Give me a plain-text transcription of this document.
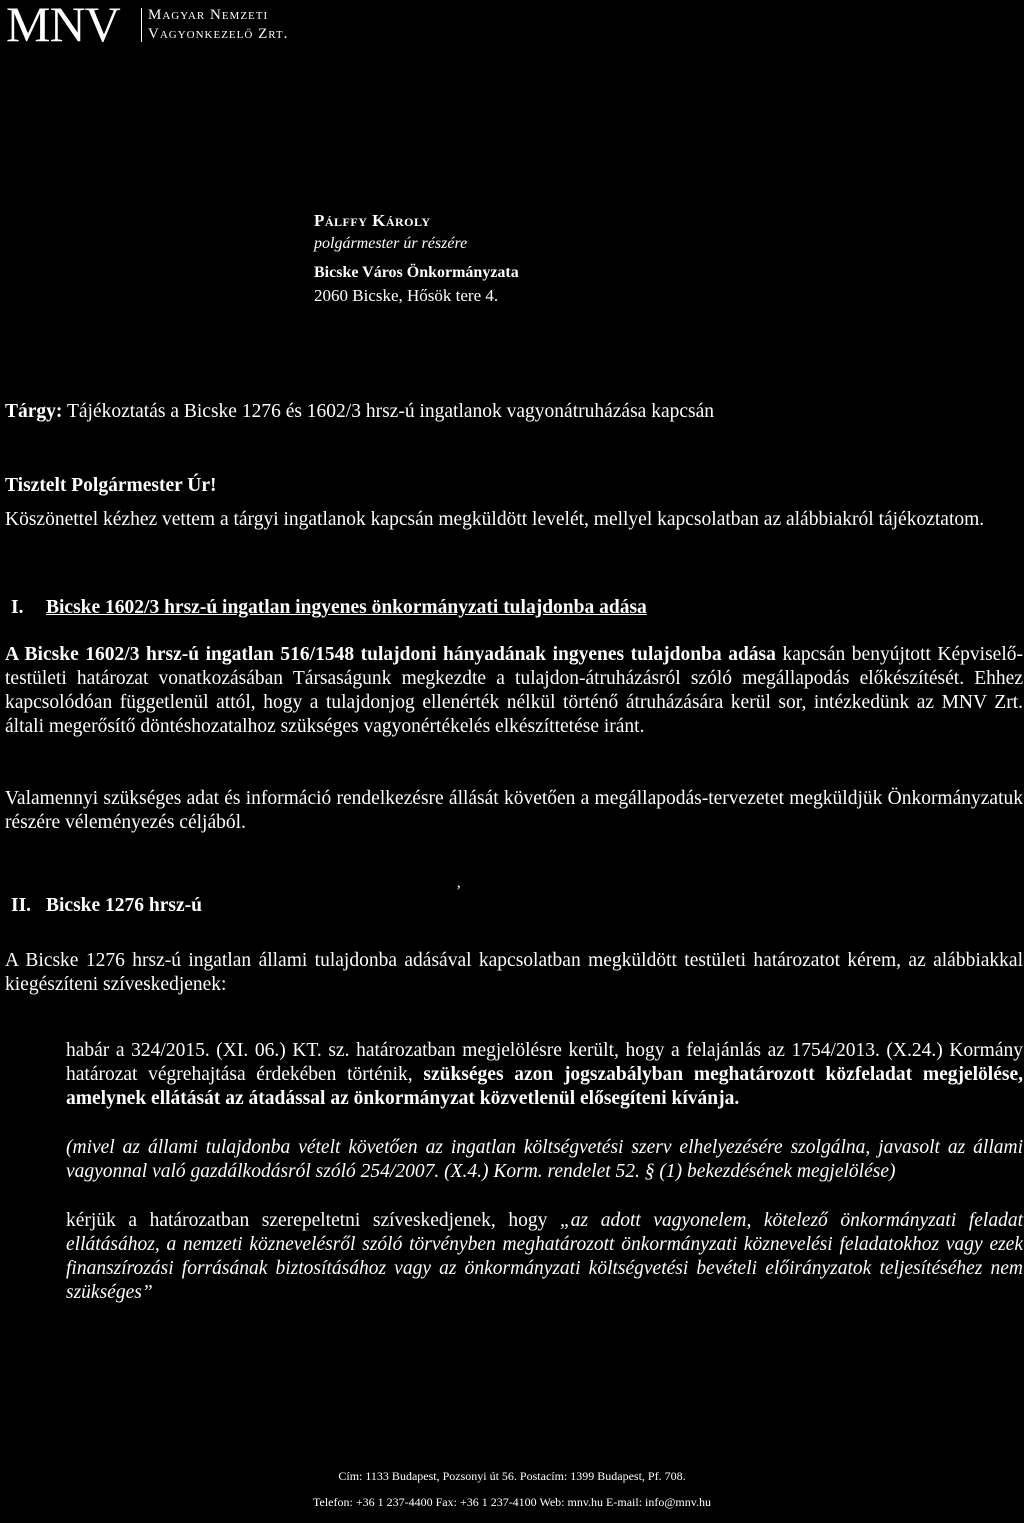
MNV Magyar Nemzeti
Vagyonkezelő Zrt.
Pálffy Károly
polgármester úr részére
Bicske Város Önkormányzata
2060 Bicske, Hősök tere 4.
Tárgy: Tájékoztatás a Bicske 1276 és 1602/3 hrsz-ú ingatlanok vagyonátruházása kapcsán
Tisztelt Polgármester Úr!
Köszönettel kézhez vettem a tárgyi ingatlanok kapcsán megküldött levelét, mellyel kapcsolatban az alábbiakról tájékoztatom.
I. Bicske 1602/3 hrsz-ú ingatlan ingyenes önkormányzati tulajdonba adása
A Bicske 1602/3 hrsz-ú ingatlan 516/1548 tulajdoni hányadának ingyenes tulajdonba adása kapcsán benyújtott Képviselő-testületi határozat vonatkozásában Társaságunk megkezdte a tulajdon-átruházásról szóló megállapodás előkészítését. Ehhez kapcsolódóan függetlenül attól, hogy a tulajdonjog ellenérték nélkül történő átruházására kerül sor, intézkedünk az MNV Zrt. általi megerősítő döntéshozatalhoz szükséges vagyonértékelés elkészíttetése iránt.
Valamennyi szükséges adat és információ rendelkezésre állását követően a megállapodás-tervezetet megküldjük Önkormányzatuk részére véleményezés céljából.
ʼ
II. Bicske 1276 hrsz-ú
A Bicske 1276 hrsz-ú ingatlan állami tulajdonba adásával kapcsolatban megküldött testületi határozatot kérem, az alábbiakkal kiegészíteni szíveskedjenek:
habár a 324/2015. (XI. 06.) KT. sz. határozatban megjelölésre került, hogy a felajánlás az 1754/2013. (X.24.) Kormány határozat végrehajtása érdekében történik, szükséges azon jogszabályban meghatározott közfeladat megjelölése, amelynek ellátását az átadással az önkormányzat közvetlenül elősegíteni kívánja.
(mivel az állami tulajdonba vételt követően az ingatlan költségvetési szerv elhelyezésére szolgálna, javasolt az állami vagyonnal való gazdálkodásról szóló 254/2007. (X.4.) Korm. rendelet 52. § (1) bekezdésének megjelölése)
kérjük a határozatban szerepeltetni szíveskedjenek, hogy „az adott vagyonelem, kötelező önkormányzati feladat ellátásához, a nemzeti köznevelésről szóló törvényben meghatározott önkormányzati köznevelési feladatokhoz vagy ezek finanszírozási forrásának biztosításához vagy az önkormányzati költségvetési bevételi előirányzatok teljesítéséhez nem szükséges”
Cím: 1133 Budapest, Pozsonyi út 56. Postacím: 1399 Budapest, Pf. 708.
Telefon: +36 1 237-4400 Fax: +36 1 237-4100 Web: mnv.hu E-mail: info@mnv.hu
